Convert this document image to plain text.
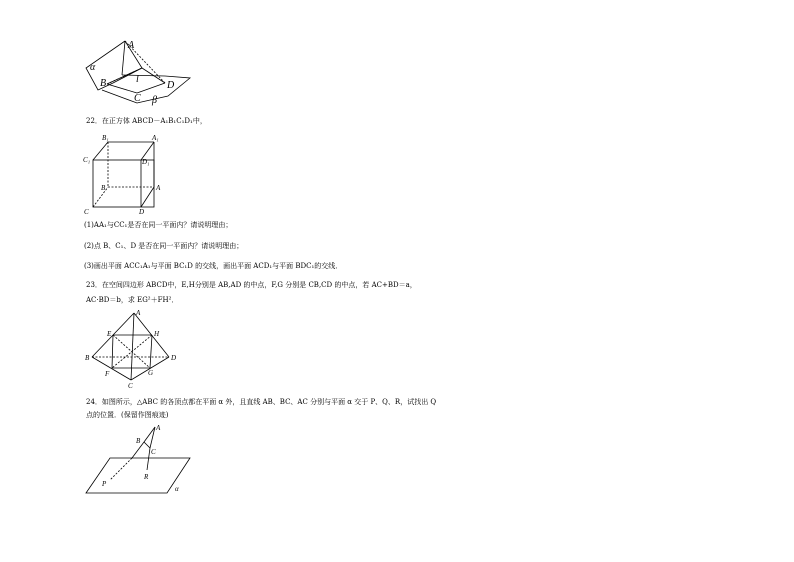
A
α
B	l
C
D
β
22．在正方体 ABCD－A₁B₁C₁D₁中，
B₁	A₁
C₁	D₁
B	A
C	D
(1)AA₁与CC₁是否在同一平面内？请说明理由；
(2)点 B、C₁、D 是否在同一平面内？请说明理由；
(3)画出平面 ACC₁A₁与平面 BC₁D 的交线，画出平面 ACD₁与平面 BDC₁的交线．
23．在空间四边形 ABCD中，E,H分别是 AB,AD 的中点，F,G 分别是 CB,CD 的中点，若 AC+BD＝a，
AC·BD＝b，求 EG²＋FH²．
A
E	H
B	D
F	G
C
24．如图所示，△ABC 的各顶点都在平面 α 外，且直线 AB、BC、AC 分别与平面 α 交于 P、Q、R，试找出 Q
点的位置．(保留作图痕迹)
A
B
C
P
R
α
